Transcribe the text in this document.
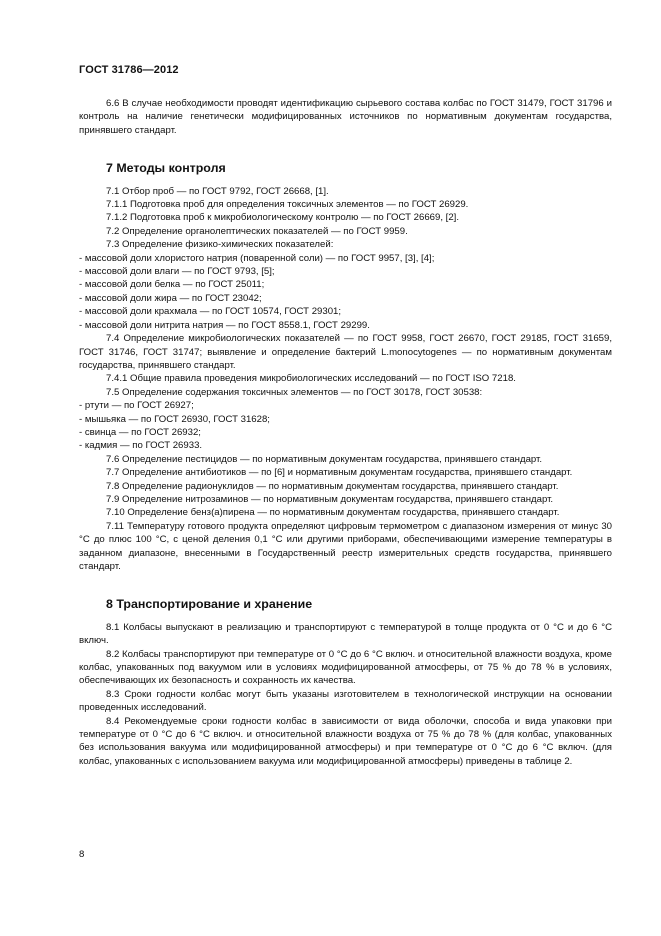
ГОСТ 31786—2012

6.6 В случае необходимости проводят идентификацию сырьевого состава колбас по ГОСТ 31479, ГОСТ 31796 и контроль на наличие генетически модифицированных источников по нормативным документам государства, принявшего стандарт.

7 Методы контроля

7.1 Отбор проб — по ГОСТ 9792, ГОСТ 26668, [1].

7.1.1 Подготовка проб для определения токсичных элементов — по ГОСТ 26929.

7.1.2 Подготовка проб к микробиологическому контролю — по ГОСТ 26669, [2].

7.2 Определение органолептических показателей — по ГОСТ 9959.

7.3 Определение физико-химических показателей:

- массовой доли хлористого натрия (поваренной соли) — по ГОСТ 9957, [3], [4];

- массовой доли влаги — по ГОСТ 9793, [5];

- массовой доли белка — по ГОСТ 25011;

- массовой доли жира — по ГОСТ 23042;

- массовой доли крахмала — по ГОСТ 10574, ГОСТ 29301;

- массовой доли нитрита натрия — по ГОСТ 8558.1, ГОСТ 29299.

7.4 Определение микробиологических показателей — по ГОСТ 9958, ГОСТ 26670, ГОСТ 29185, ГОСТ 31659, ГОСТ 31746, ГОСТ 31747; выявление и определение бактерий L.monocytogenes — по нормативным документам государства, принявшего стандарт.

7.4.1 Общие правила проведения микробиологических исследований — по ГОСТ ISO 7218.

7.5 Определение содержания токсичных элементов — по ГОСТ 30178, ГОСТ 30538:

- ртути — по ГОСТ 26927;

- мышьяка — по ГОСТ 26930, ГОСТ 31628;

- свинца — по ГОСТ 26932;

- кадмия — по ГОСТ 26933.

7.6 Определение пестицидов — по нормативным документам государства, принявшего стандарт.

7.7 Определение антибиотиков — по [6] и нормативным документам государства, принявшего стандарт.

7.8 Определение радионуклидов — по нормативным документам государства, принявшего стандарт.

7.9 Определение нитрозаминов — по нормативным документам государства, принявшего стандарт.

7.10 Определение бенз(а)пирена — по нормативным документам государства, принявшего стандарт.

7.11 Температуру готового продукта определяют цифровым термометром с диапазоном измерения от минус 30 °C до плюс 100 °C, с ценой деления 0,1 °C или другими приборами, обеспечивающими измерение температуры в заданном диапазоне, внесенными в Государственный реестр измерительных средств государства, принявшего стандарт.

8 Транспортирование и хранение

8.1 Колбасы выпускают в реализацию и транспортируют с температурой в толще продукта от 0 °C и до 6 °C включ.

8.2 Колбасы транспортируют при температуре от 0 °C до 6 °C включ. и относительной влажности воздуха, кроме колбас, упакованных под вакуумом или в условиях модифицированной атмосферы, от 75 % до 78 % в условиях, обеспечивающих их безопасность и сохранность их качества.

8.3 Сроки годности колбас могут быть указаны изготовителем в технологической инструкции на основании проведенных исследований.

8.4 Рекомендуемые сроки годности колбас в зависимости от вида оболочки, способа и вида упаковки при температуре от 0 °C до 6 °C включ. и относительной влажности воздуха от 75 % до 78 % (для колбас, упакованных без использования вакуума или модифицированной атмосферы) и при температуре от 0 °C до 6 °C включ. (для колбас, упакованных с использованием вакуума или модифицированной атмосферы) приведены в таблице 2.

8
